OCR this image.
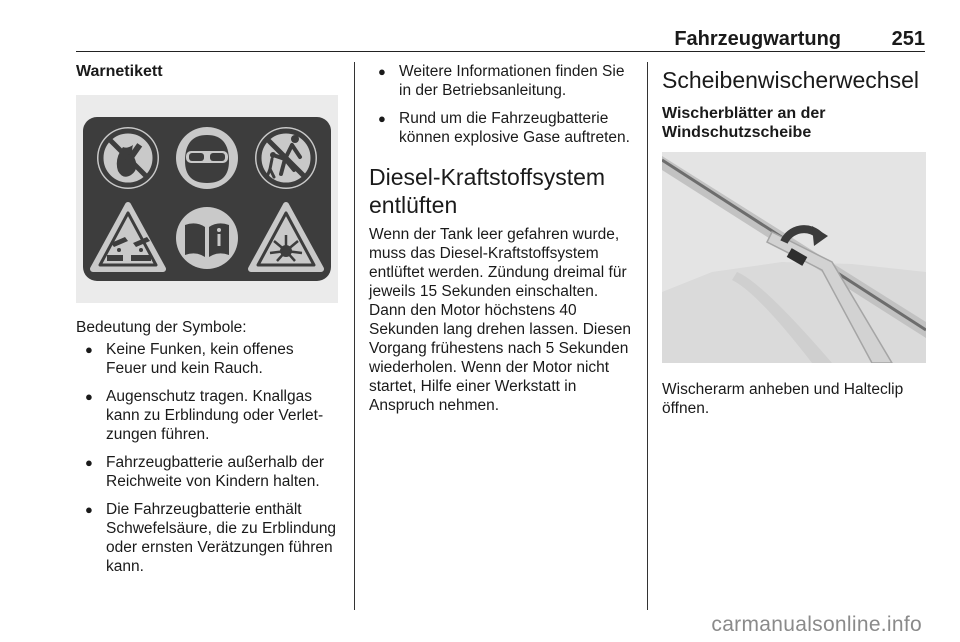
Fahrzeugwartung	251
Warnetikett
Bedeutung der Symbole:
● Keine Funken, kein offenes Feuer und kein Rauch.
● Augenschutz tragen. Knallgas kann zu Erblindung oder Verletzungen führen.
● Fahrzeugbatterie außerhalb der Reichweite von Kindern halten.
● Die Fahrzeugbatterie enthält Schwefelsäure, die zu Erblindung oder ernsten Verätzungen führen kann.
● Weitere Informationen finden Sie in der Betriebsanleitung.
● Rund um die Fahrzeugbatterie können explosive Gase auftreten.
Diesel-Kraftstoffsystem entlüften
Wenn der Tank leer gefahren wurde, muss das Diesel-Kraftstoffsystem entlüftet werden. Zündung dreimal für jeweils 15 Sekunden einschalten. Dann den Motor höchstens 40 Sekunden lang drehen lassen. Diesen Vorgang frühestens nach 5 Sekunden wiederholen. Wenn der Motor nicht startet, Hilfe einer Werkstatt in Anspruch nehmen.
Scheibenwischerwechsel
Wischerblätter an der Windschutzscheibe
Wischerarm anheben und Halteclip öffnen.
carmanualsonline.info
